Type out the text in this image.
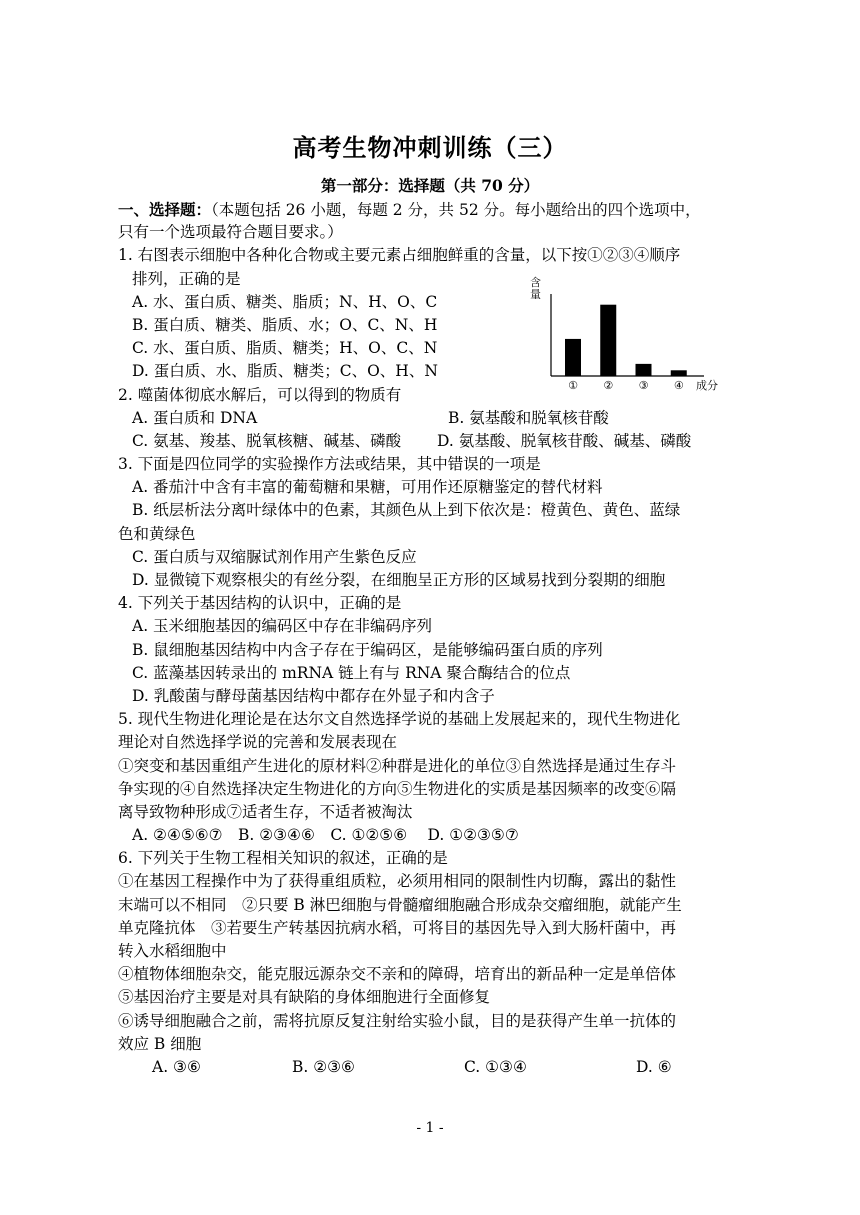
高考生物冲刺训练（三）
第一部分：选择题（共 70 分）
一、选择题：（本题包括 26 小题，每题 2 分，共 52 分。每小题给出的四个选项中，
只有一个选项最符合题目要求。）
1. 右图表示细胞中各种化合物或主要元素占细胞鲜重的含量，以下按①②③④顺序
排列，正确的是
A. 水、蛋白质、糖类、脂质；N、H、O、C
B. 蛋白质、糖类、脂质、水；O、C、N、H
C. 水、蛋白质、脂质、糖类；H、O、C、N
D. 蛋白质、水、脂质、糖类；C、O、H、N
2. 噬菌体彻底水解后，可以得到的物质有
A. 蛋白质和 DNA	B. 氨基酸和脱氧核苷酸
C. 氨基、羧基、脱氧核糖、碱基、磷酸	D. 氨基酸、脱氧核苷酸、碱基、磷酸
3. 下面是四位同学的实验操作方法或结果，其中错误的一项是
A. 番茄汁中含有丰富的葡萄糖和果糖，可用作还原糖鉴定的替代材料
B. 纸层析法分离叶绿体中的色素，其颜色从上到下依次是：橙黄色、黄色、蓝绿
色和黄绿色
C. 蛋白质与双缩脲试剂作用产生紫色反应
D. 显微镜下观察根尖的有丝分裂，在细胞呈正方形的区域易找到分裂期的细胞
4. 下列关于基因结构的认识中，正确的是
A. 玉米细胞基因的编码区中存在非编码序列
B. 鼠细胞基因结构中内含子存在于编码区，是能够编码蛋白质的序列
C. 蓝藻基因转录出的 mRNA 链上有与 RNA 聚合酶结合的位点
D. 乳酸菌与酵母菌基因结构中都存在外显子和内含子
5. 现代生物进化理论是在达尔文自然选择学说的基础上发展起来的，现代生物进化
理论对自然选择学说的完善和发展表现在
①突变和基因重组产生进化的原材料②种群是进化的单位③自然选择是通过生存斗
争实现的④自然选择决定生物进化的方向⑤生物进化的实质是基因频率的改变⑥隔
离导致物种形成⑦适者生存，不适者被淘汰
A. ②④⑤⑥⑦　B. ②③④⑥　C. ①②⑤⑥　 D. ①②③⑤⑦
6. 下列关于生物工程相关知识的叙述，正确的是
①在基因工程操作中为了获得重组质粒，必须用相同的限制性内切酶，露出的黏性
末端可以不相同　②只要 B 淋巴细胞与骨髓瘤细胞融合形成杂交瘤细胞，就能产生
单克隆抗体　③若要生产转基因抗病水稻，可将目的基因先导入到大肠杆菌中，再
转入水稻细胞中
④植物体细胞杂交，能克服远源杂交不亲和的障碍，培育出的新品种一定是单倍体
⑤基因治疗主要是对具有缺陷的身体细胞进行全面修复
⑥诱导细胞融合之前，需将抗原反复注射给实验小鼠，目的是获得产生单一抗体的
效应 B 细胞
A. ③⑥	B. ②③⑥	C. ①③④	D. ⑥
含量
① ② ③ ④ 成分
- 1 -
